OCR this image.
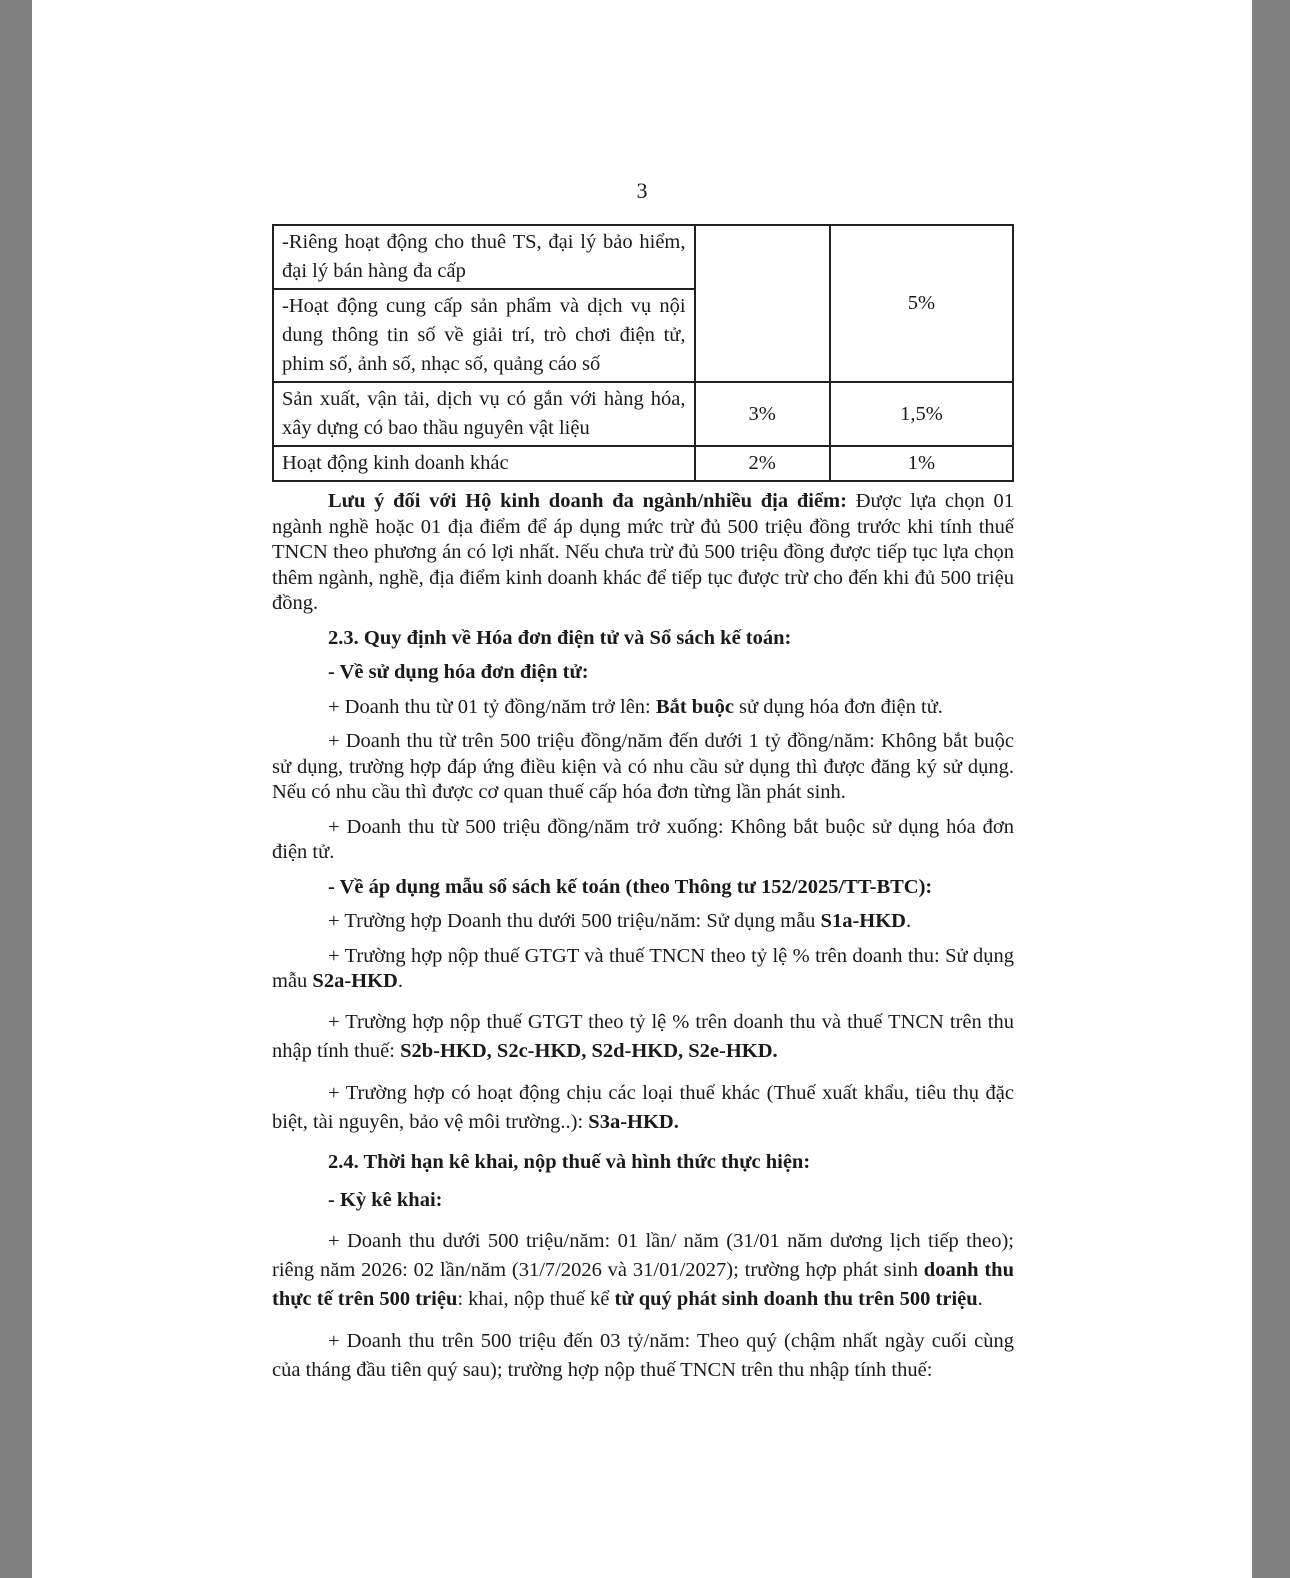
3
-Riêng hoạt động cho thuê TS, đại lý bảo hiểm, đại lý bán hàng đa cấp		5%
-Hoạt động cung cấp sản phẩm và dịch vụ nội dung thông tin số về giải trí, trò chơi điện tử, phim số, ảnh số, nhạc số, quảng cáo số		
Sản xuất, vận tải, dịch vụ có gắn với hàng hóa, xây dựng có bao thầu nguyên vật liệu	3%	1,5%
Hoạt động kinh doanh khác	2%	1%

Lưu ý đối với Hộ kinh doanh đa ngành/nhiều địa điểm: Được lựa chọn 01 ngành nghề hoặc 01 địa điểm để áp dụng mức trừ đủ 500 triệu đồng trước khi tính thuế TNCN theo phương án có lợi nhất. Nếu chưa trừ đủ 500 triệu đồng được tiếp tục lựa chọn thêm ngành, nghề, địa điểm kinh doanh khác để tiếp tục được trừ cho đến khi đủ 500 triệu đồng.

2.3. Quy định về Hóa đơn điện tử và Sổ sách kế toán:

- Về sử dụng hóa đơn điện tử:

+ Doanh thu từ 01 tỷ đồng/năm trở lên: Bắt buộc sử dụng hóa đơn điện tử.

+ Doanh thu từ trên 500 triệu đồng/năm đến dưới 1 tỷ đồng/năm: Không bắt buộc sử dụng, trường hợp đáp ứng điều kiện và có nhu cầu sử dụng thì được đăng ký sử dụng. Nếu có nhu cầu thì được cơ quan thuế cấp hóa đơn từng lần phát sinh.

+ Doanh thu từ 500 triệu đồng/năm trở xuống: Không bắt buộc sử dụng hóa đơn điện tử.

- Về áp dụng mẫu sổ sách kế toán (theo Thông tư 152/2025/TT-BTC):

+ Trường hợp Doanh thu dưới 500 triệu/năm: Sử dụng mẫu S1a-HKD.

+ Trường hợp nộp thuế GTGT và thuế TNCN theo tỷ lệ % trên doanh thu: Sử dụng mẫu S2a-HKD.

+ Trường hợp nộp thuế GTGT theo tỷ lệ % trên doanh thu và thuế TNCN trên thu nhập tính thuế: S2b-HKD, S2c-HKD, S2d-HKD, S2e-HKD.

+ Trường hợp có hoạt động chịu các loại thuế khác (Thuế xuất khẩu, tiêu thụ đặc biệt, tài nguyên, bảo vệ môi trường..): S3a-HKD.

2.4. Thời hạn kê khai, nộp thuế và hình thức thực hiện:

- Kỳ kê khai:

+ Doanh thu dưới 500 triệu/năm: 01 lần/ năm (31/01 năm dương lịch tiếp theo); riêng năm 2026: 02 lần/năm (31/7/2026 và 31/01/2027); trường hợp phát sinh doanh thu thực tế trên 500 triệu: khai, nộp thuế kể từ quý phát sinh doanh thu trên 500 triệu.

+ Doanh thu trên 500 triệu đến 03 tỷ/năm: Theo quý (chậm nhất ngày cuối cùng của tháng đầu tiên quý sau); trường hợp nộp thuế TNCN trên thu nhập tính thuế:
